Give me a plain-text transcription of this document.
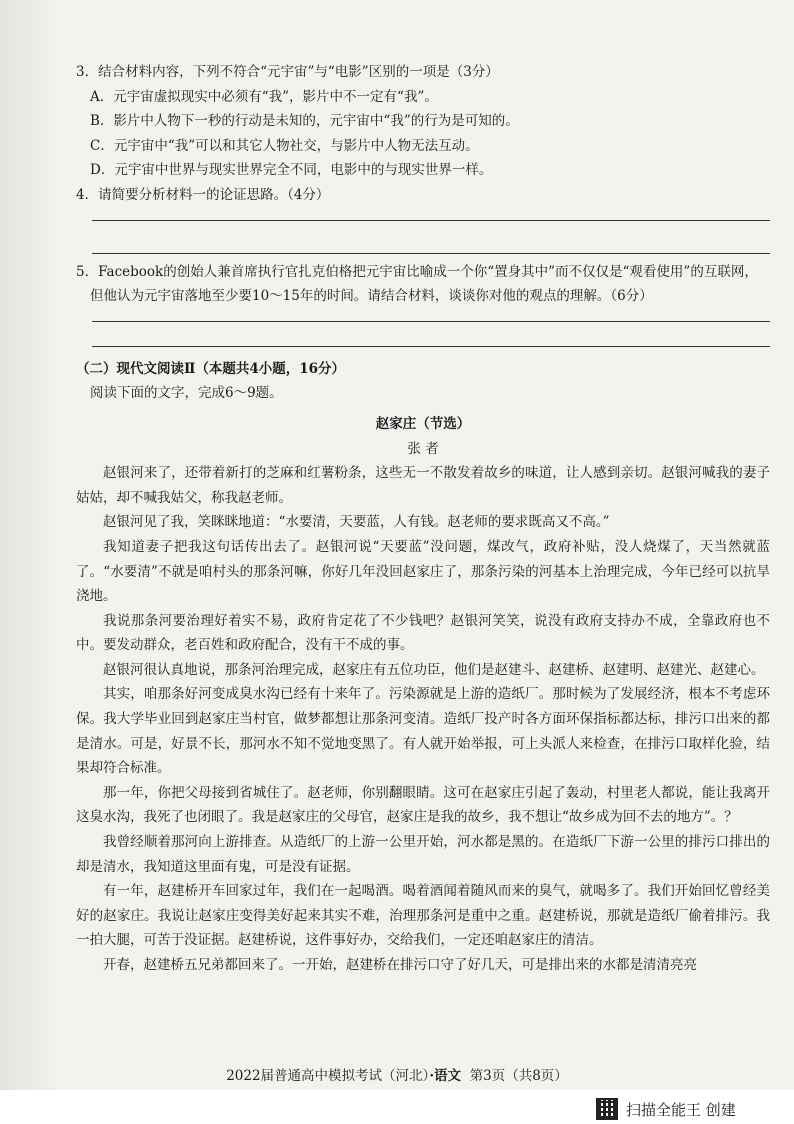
3．结合材料内容，下列不符合“元宇宙”与“电影”区别的一项是（3分）

A．元宇宙虚拟现实中必须有“我”，影片中不一定有“我”。

B．影片中人物下一秒的行动是未知的，元宇宙中“我”的行为是可知的。

C．元宇宙中“我”可以和其它人物社交，与影片中人物无法互动。

D．元宇宙中世界与现实世界完全不同，电影中的与现实世界一样。

4．请简要分析材料一的论证思路。（4分）

5．Facebook的创始人兼首席执行官扎克伯格把元宇宙比喻成一个你“置身其中”而不仅仅是“观看使用”的互联网，但他认为元宇宙落地至少要10～15年的时间。请结合材料，谈谈你对他的观点的理解。（6分）

（二）现代文阅读Ⅱ（本题共4小题，16分）

阅读下面的文字，完成6～9题。

赵家庄（节选）

张 者

赵银河来了，还带着新打的芝麻和红薯粉条，这些无一不散发着故乡的味道，让人感到亲切。赵银河喊我的妻子姑姑，却不喊我姑父，称我赵老师。

赵银河见了我，笑眯眯地道：“水要清，天要蓝，人有钱。赵老师的要求既高又不高。”

我知道妻子把我这句话传出去了。赵银河说“天要蓝”没问题，煤改气，政府补贴，没人烧煤了，天当然就蓝了。“水要清”不就是咱村头的那条河嘛，你好几年没回赵家庄了，那条污染的河基本上治理完成，今年已经可以抗旱浇地。

我说那条河要治理好着实不易，政府肯定花了不少钱吧？赵银河笑笑，说没有政府支持办不成，全靠政府也不中。要发动群众，老百姓和政府配合，没有干不成的事。

赵银河很认真地说，那条河治理完成，赵家庄有五位功臣，他们是赵建斗、赵建桥、赵建明、赵建光、赵建心。

其实，咱那条好河变成臭水沟已经有十来年了。污染源就是上游的造纸厂。那时候为了发展经济，根本不考虑环保。我大学毕业回到赵家庄当村官，做梦都想让那条河变清。造纸厂投产时各方面环保指标都达标，排污口出来的都是清水。可是，好景不长，那河水不知不觉地变黑了。有人就开始举报，可上头派人来检查，在排污口取样化验，结果却符合标准。

那一年，你把父母接到省城住了。赵老师，你别翻眼睛。这可在赵家庄引起了轰动，村里老人都说，能让我离开这臭水沟，我死了也闭眼了。我是赵家庄的父母官，赵家庄是我的故乡，我不想让“故乡成为回不去的地方”。？

我曾经顺着那河向上游排查。从造纸厂的上游一公里开始，河水都是黑的。在造纸厂下游一公里的排污口排出的却是清水，我知道这里面有鬼，可是没有证据。

有一年，赵建桥开车回家过年，我们在一起喝酒。喝着酒闻着随风而来的臭气，就喝多了。我们开始回忆曾经美好的赵家庄。我说让赵家庄变得美好起来其实不难，治理那条河是重中之重。赵建桥说，那就是造纸厂偷着排污。我一拍大腿，可苦于没证据。赵建桥说，这件事好办，交给我们，一定还咱赵家庄的清洁。

开春，赵建桥五兄弟都回来了。一开始，赵建桥在排污口守了好几天，可是排出来的水都是清清亮亮

2022届普通高中模拟考试（河北）·语文 第3页（共8页）
扫描全能王 创建
